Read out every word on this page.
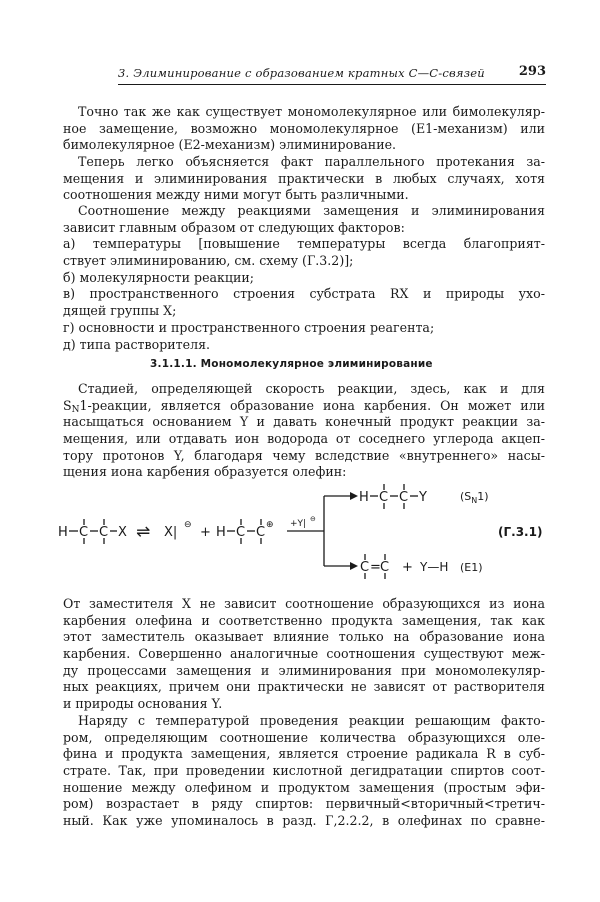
3. Элиминирование с образованием кратных С—С-связей	293
Точно так же как существует мономолекулярное или бимолекуляр-
ное замещение, возможно мономолекулярное (E1-механизм) или
бимолекулярное (E2-механизм) элиминирование.
Теперь легко объясняется факт параллельного протекания за-
мещения и элиминирования практически в любых случаях, хотя
соотношения между ними могут быть различными.
Соотношение между реакциями замещения и элиминирования
зависит главным образом от следующих факторов:
а) температуры [повышение температуры всегда благоприят-
ствует элиминированию, см. схему (Г.3.2)];
б) молекулярности реакции;
в) пространственного строения субстрата RX и природы ухо-
дящей группы X;
г) основности и пространственного строения реагента;
д) типа растворителя.
3.1.1.1. Мономолекулярное элиминирование
Стадией, определяющей скорость реакции, здесь, как и для
$S_N1$-реакции, является образование иона карбения. Он может или
насыщаться основанием Y и давать конечный продукт реакции за-
мещения, или отдавать ион водорода от соседнего углерода акцеп-
тору протонов Y, благодаря чему вследствие «внутреннего» насы-
щения иона карбения образуется олефин:
H C C X ⇌ X| ⊖ + H C C ⊕ +Y| ⊖
H C C Y	$(S_N1)$
(Г.3.1)
C = C + Y—H (E1)
От заместителя X не зависит соотношение образующихся из иона
карбения олефина и соответственно продукта замещения, так как
этот заместитель оказывает влияние только на образование иона
карбения. Совершенно аналогичные соотношения существуют меж-
ду процессами замещения и элиминирования при мономолекуляр-
ных реакциях, причем они практически не зависят от растворителя
и природы основания Y.
Наряду с температурой проведения реакции решающим факто-
ром, определяющим соотношение количества образующихся оле-
фина и продукта замещения, является строение радикала R в суб-
страте. Так, при проведении кислотной дегидратации спиртов соот-
ношение между олефином и продуктом замещения (простым эфи-
ром) возрастает в ряду спиртов: первичный<вторичный<третич-
ный. Как уже упоминалось в разд. Г,2.2.2, в олефинах по сравне-
